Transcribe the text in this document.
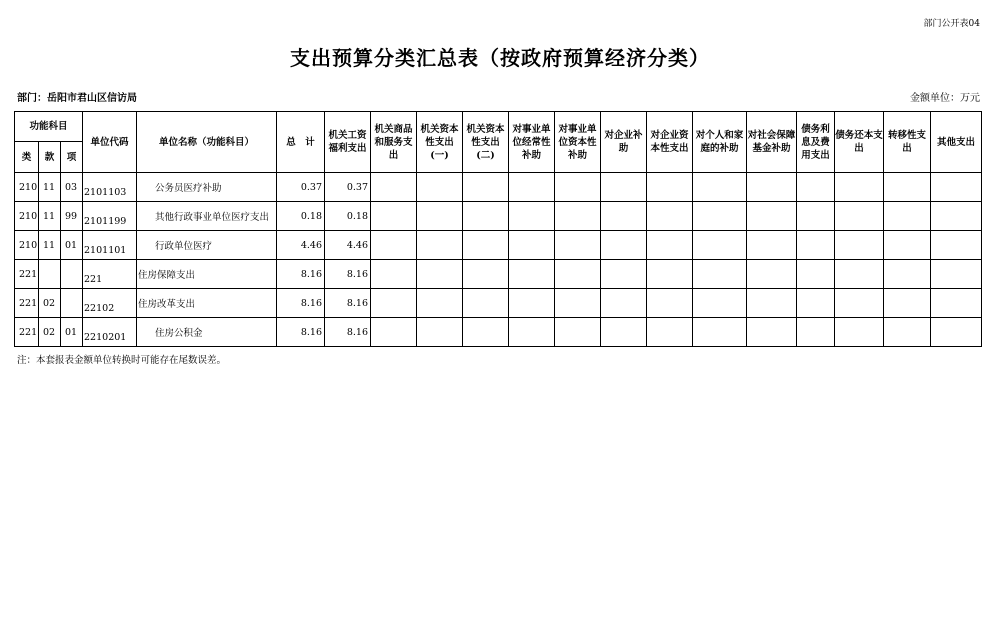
部门公开表04
支出预算分类汇总表（按政府预算经济分类）
部门：岳阳市君山区信访局	金额单位：万元
功能科目			单位代码	单位名称（功能科目）	总　计	机关工资福利支出	机关商品和服务支出	机关资本性支出(一)	机关资本性支出(二)	对事业单位经常性补助	对事业单位资本性补助	对企业补助	对企业资本性支出	对个人和家庭的补助	对社会保障基金补助	债务利息及费用支出	债务还本支出	转移性支出	其他支出
类	款	项																	
210	11	03	2101103	公务员医疗补助	0.37	0.37													
210	11	99	2101199	其他行政事业单位医疗支出	0.18	0.18													
210	11	01	2101101	行政单位医疗	4.46	4.46													
221			221	住房保障支出	8.16	8.16													
221	02		22102	住房改革支出	8.16	8.16													
221	02	01	2210201	住房公积金	8.16	8.16													
注：本套报表金额单位转换时可能存在尾数误差。
